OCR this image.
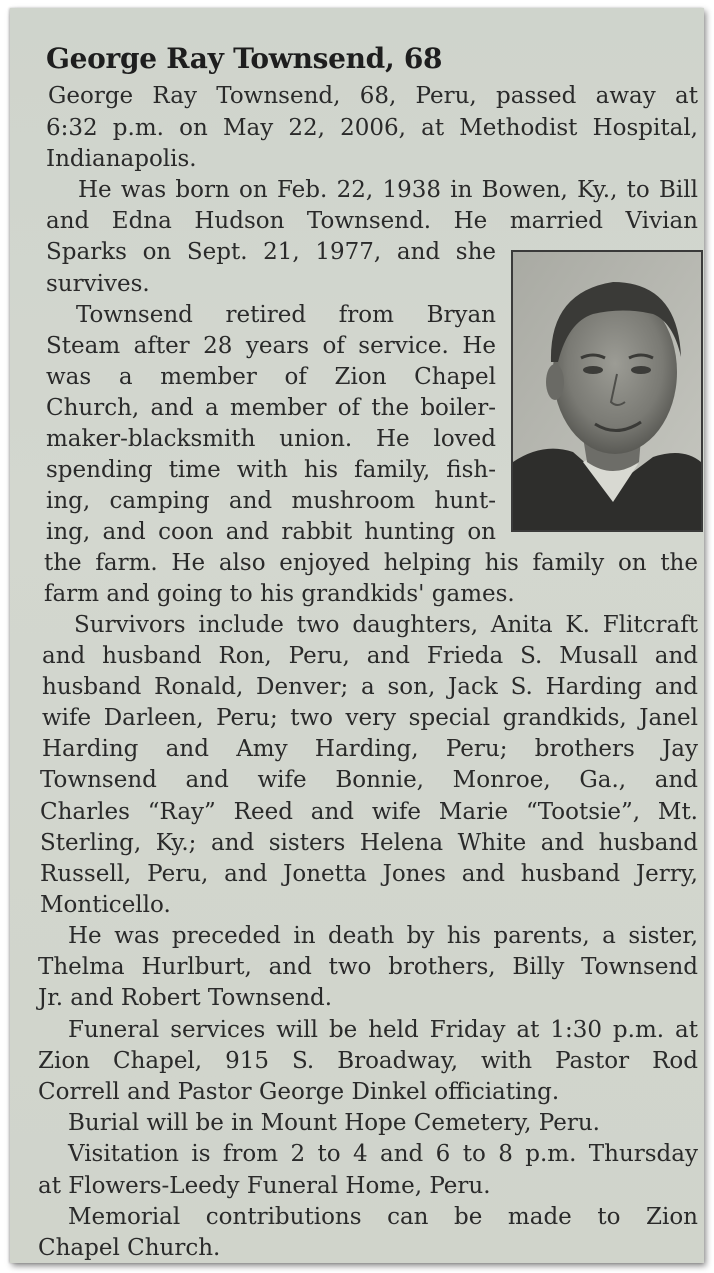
George Ray Townsend, 68

George Ray Townsend, 68, Peru, passed away at

6:32 p.m. on May 22, 2006, at Methodist Hospital,

Indianapolis.

He was born on Feb. 22, 1938 in Bowen, Ky., to Bill

and Edna Hudson Townsend. He married Vivian

Sparks on Sept. 21, 1977, and she

survives.

Townsend retired from Bryan

Steam after 28 years of service. He

was a member of Zion Chapel

Church, and a member of the boiler-

maker-blacksmith union. He loved

spending time with his family, fish-

ing, camping and mushroom hunt-

ing, and coon and rabbit hunting on

the farm. He also enjoyed helping his family on the

farm and going to his grandkids' games.

Survivors include two daughters, Anita K. Flitcraft

and husband Ron, Peru, and Frieda S. Musall and

husband Ronald, Denver; a son, Jack S. Harding and

wife Darleen, Peru; two very special grandkids, Janel

Harding and Amy Harding, Peru; brothers Jay

Townsend and wife Bonnie, Monroe, Ga., and

Charles “Ray” Reed and wife Marie “Tootsie”, Mt.

Sterling, Ky.; and sisters Helena White and husband

Russell, Peru, and Jonetta Jones and husband Jerry,

Monticello.

He was preceded in death by his parents, a sister,

Thelma Hurlburt, and two brothers, Billy Townsend

Jr. and Robert Townsend.

Funeral services will be held Friday at 1:30 p.m. at

Zion Chapel, 915 S. Broadway, with Pastor Rod

Correll and Pastor George Dinkel officiating.

Burial will be in Mount Hope Cemetery, Peru.

Visitation is from 2 to 4 and 6 to 8 p.m. Thursday

at Flowers-Leedy Funeral Home, Peru.

Memorial contributions can be made to Zion

Chapel Church.
